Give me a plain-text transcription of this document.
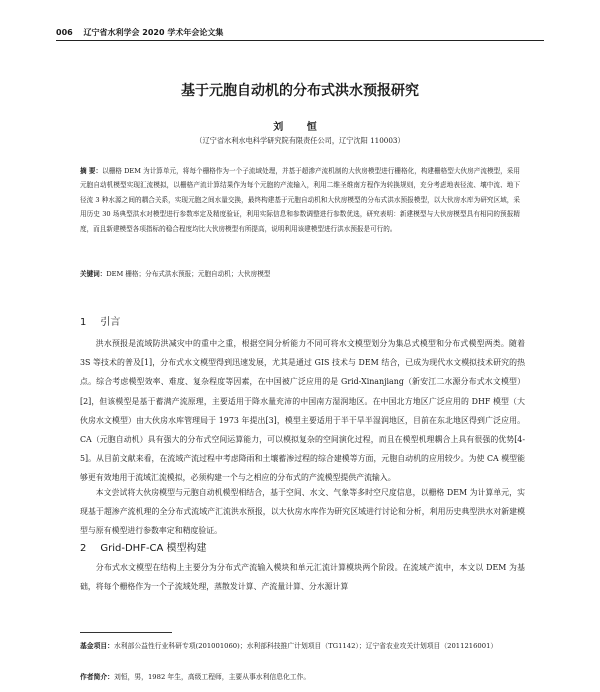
006 辽宁省水利学会 2020 学术年会论文集
基于元胞自动机的分布式洪水预报研究
刘 恒
（辽宁省水利水电科学研究院有限责任公司，辽宁沈阳 110003）
摘 要：以栅格 DEM 为计算单元，将每个栅格作为一个子流域处理，并基于超渗产流机制的大伙房模型进行栅格化，构建栅格型大伙房产流模型，采用元胞自动机模型实现汇流模拟，以栅格产流计算结果作为每个元胞的产流输入，利用二维圣维南方程作为转换规则，充分考虑地表径流、壤中流、地下径流 3 种水源之间的耦合关系，实现元胞之间水量交换，最终构建基于元胞自动机和大伙房模型的分布式洪水预报模型，以大伙房水库为研究区域，采用历史 30 场典型洪水对模型进行参数率定及精度验证，利用实际信息和参数调整进行参数优选，研究表明：新建模型与大伙房模型具有相同的预报精度，而且新建模型各项指标的稳合程度均比大伙房模型有所提高，说明利用该建模型进行洪水预报是可行的。
关键词：DEM 栅格；分布式洪水预报；元胞自动机；大伙房模型
1 引言
洪水预报是流域防洪减灾中的重中之重，根据空间分析能力不同可将水文模型划分为集总式模型和分布式模型两类。随着 3S 等技术的普及[1]，分布式水文模型得到迅速发展，尤其是通过 GIS 技术与 DEM 结合，已成为现代水文模拟技术研究的热点。综合考虑模型效率、难度、复杂程度等因素，在中国被广泛应用的是 Grid-Xinanjiang（新安江二水源分布式水文模型）[2]，但该模型是基于蓄满产流原理，主要适用于降水量充沛的中国南方湿润地区。在中国北方地区广泛应用的 DHF 模型（大伙房水文模型）由大伙房水库管理局于 1973 年提出[3]，模型主要适用于半干旱半湿润地区，目前在东北地区得到广泛应用。CA（元胞自动机）具有强大的分布式空间运算能力，可以模拟复杂的空间演化过程，而且在模型机理耦合上具有很强的优势[4-5]。从目前文献来看，在流域产流过程中考虑降雨和土壤蓄渗过程的综合建模等方面，元胞自动机的应用较少。为使 CA 模型能够更有效地用于流域汇流模拟，必须构建一个与之相应的分布式的产流模型提供产流输入。
本文尝试将大伙房模型与元胞自动机模型相结合，基于空间、水文、气象等多时空尺度信息，以栅格 DEM 为计算单元，实现基于超渗产流机理的全分布式流域产汇流洪水预报，以大伙房水库作为研究区域进行讨论和分析，利用历史典型洪水对新建模型与原有模型进行参数率定和精度验证。
2 Grid-DHF-CA 模型构建
分布式水文模型在结构上主要分为分布式产流输入模块和单元汇流计算模块两个阶段。在流域产流中，本文以 DEM 为基础，将每个栅格作为一个子流域处理，蒸散发计算、产流量计算、分水源计算
基金项目：水利部公益性行业科研专项(201001060)；水利部科技推广计划项目（TG1142）；辽宁省农业攻关计划项目（2011216001）
作者简介：刘恒，男，1982 年生，高级工程师，主要从事水利信息化工作。
